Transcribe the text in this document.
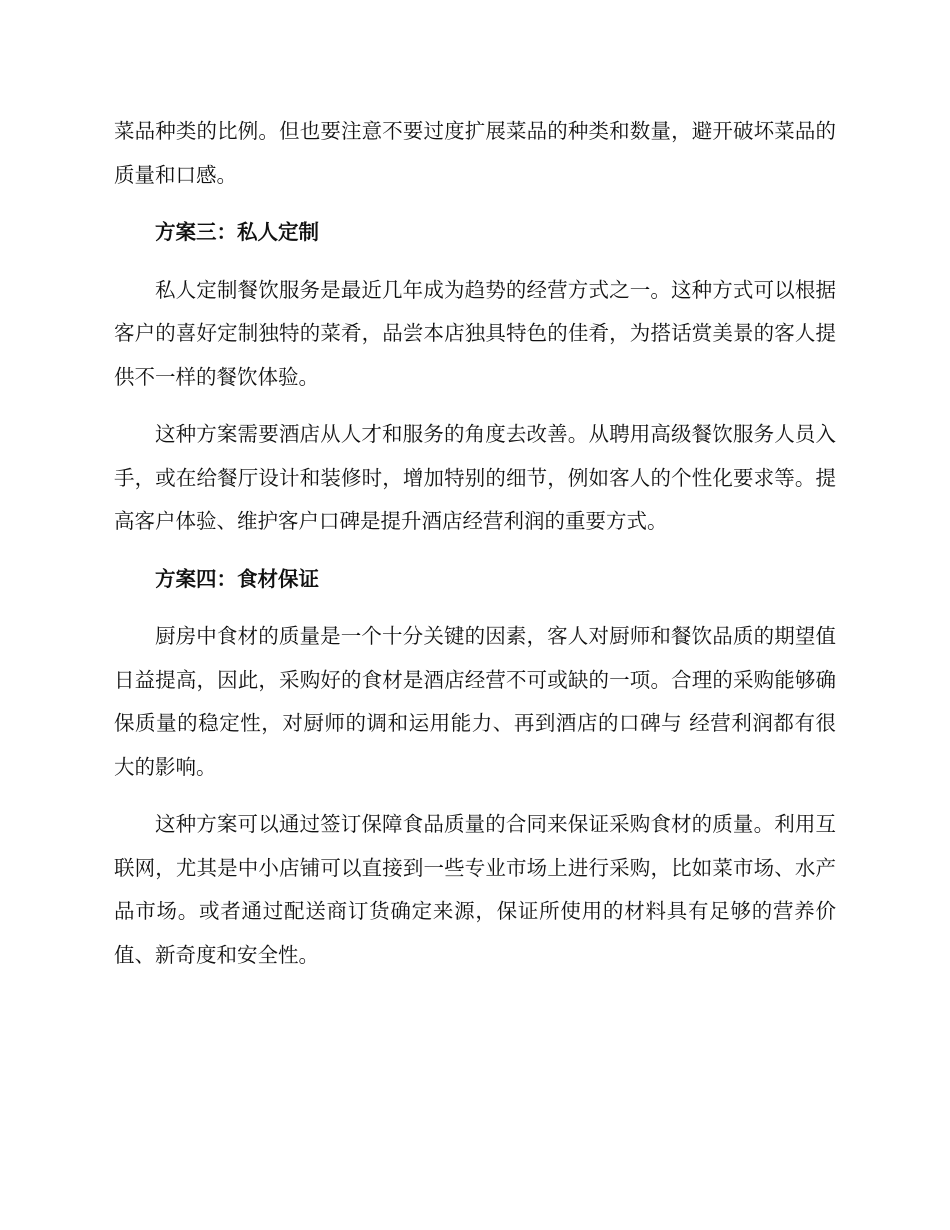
菜品种类的比例。但也要注意不要过度扩展菜品的种类和数量，避开破坏菜品的质量和口感。

方案三：私人定制

私人定制餐饮服务是最近几年成为趋势的经营方式之一。这种方式可以根据客户的喜好定制独特的菜肴，品尝本店独具特色的佳肴，为搭话赏美景的客人提供不一样的餐饮体验。

这种方案需要酒店从人才和服务的角度去改善。从聘用高级餐饮服务人员入手，或在给餐厅设计和装修时，增加特别的细节，例如客人的个性化要求等。提高客户体验、维护客户口碑是提升酒店经营利润的重要方式。

方案四：食材保证

厨房中食材的质量是一个十分关键的因素，客人对厨师和餐饮品质的期望值日益提高，因此，采购好的食材是酒店经营不可或缺的一项。合理的采购能够确保质量的稳定性，对厨师的调和运用能力、再到酒店的口碑与 经营利润都有很大的影响。

这种方案可以通过签订保障食品质量的合同来保证采购食材的质量。利用互联网，尤其是中小店铺可以直接到一些专业市场上进行采购，比如菜市场、水产品市场。或者通过配送商订货确定来源，保证所使用的材料具有足够的营养价值、新奇度和安全性。
